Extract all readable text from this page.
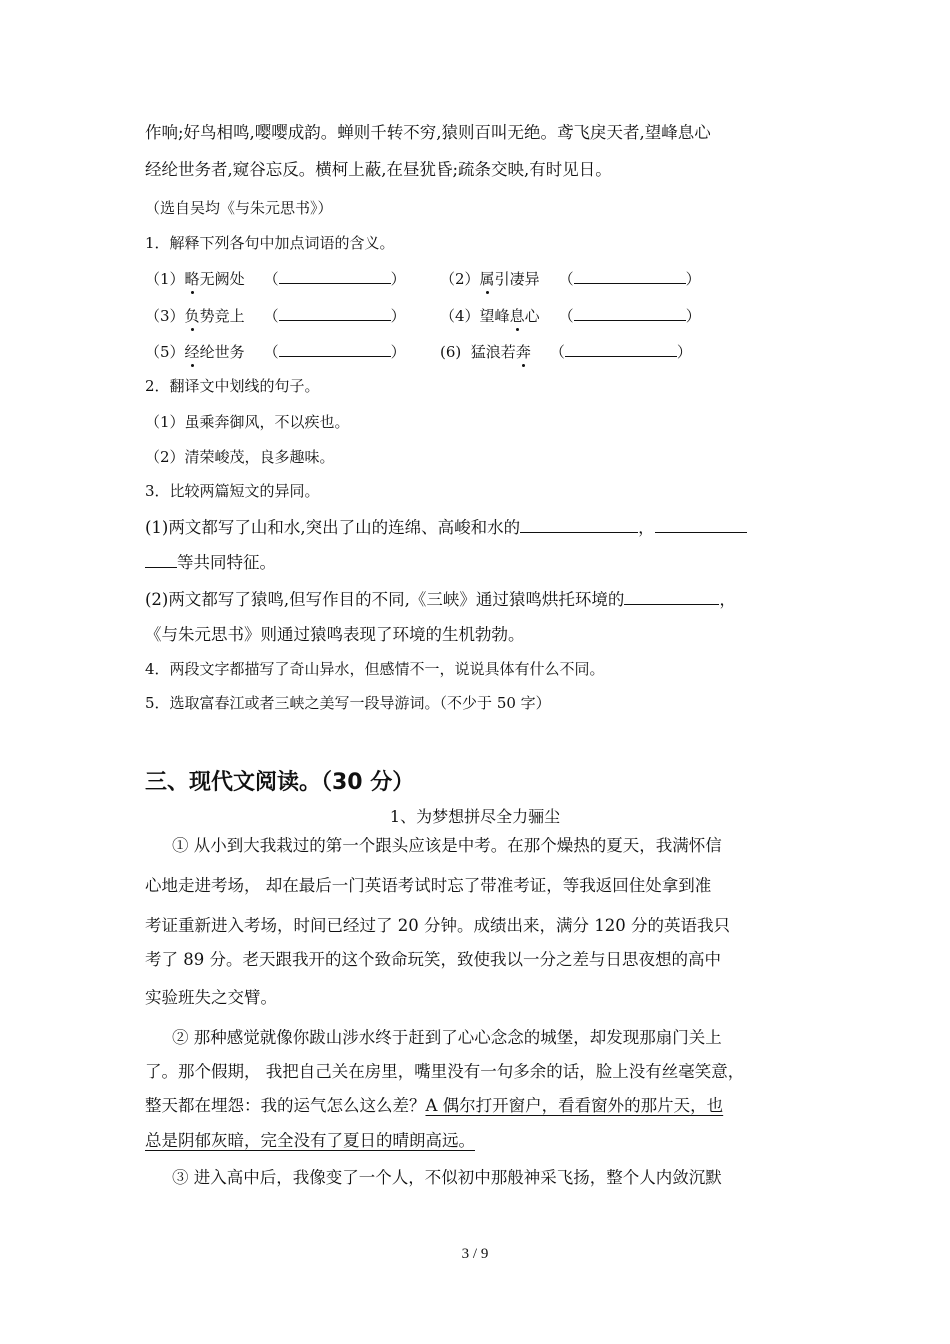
作响;好鸟相鸣,嘤嘤成韵。蝉则千转不穷,猿则百叫无绝。鸢飞戾天者,望峰息心
经纶世务者,窥谷忘反。横柯上蔽,在昼犹昏;疏条交映,有时见日。
（选自吴均《与朱元思书》）
1．解释下列各句中加点词语的含义。
（1）略无阙处 （	） （2）属引凄异 （	）
（3）负势竞上 （	） （4）望峰息心 （	）
（5）经纶世务 （	） (6) 猛浪若奔 （	）
2．翻译文中划线的句子。
（1）虽乘奔御风，不以疾也。
（2）清荣峻茂，良多趣味。
3．比较两篇短文的异同。
(1)两文都写了山和水,突出了山的连绵、高峻和水的	，
等共同特征。
(2)两文都写了猿鸣,但写作目的不同,《三峡》通过猿鸣烘托环境的	，
《与朱元思书》则通过猿鸣表现了环境的生机勃勃。
4．两段文字都描写了奇山异水，但感情不一，说说具体有什么不同。
5．选取富春江或者三峡之美写一段导游词。（不少于 50 字）
三、现代文阅读。（30 分）
1、为梦想拼尽全力骊尘
① 从小到大我栽过的第一个跟头应该是中考。在那个燥热的夏天，我满怀信
心地走进考场， 却在最后一门英语考试时忘了带准考证，等我返回住处拿到准
考证重新进入考场，时间已经过了 20 分钟。成绩出来，满分 120 分的英语我只
考了 89 分。老天跟我开的这个致命玩笑，致使我以一分之差与日思夜想的高中
实验班失之交臂。
② 那种感觉就像你跋山涉水终于赶到了心心念念的城堡，却发现那扇门关上
了。那个假期， 我把自己关在房里，嘴里没有一句多余的话，脸上没有丝毫笑意，
整天都在埋怨：我的运气怎么这么差？A 偶尔打开窗户，看看窗外的那片天，也
总是阴郁灰暗，完全没有了夏日的晴朗高远。
③ 进入高中后，我像变了一个人，不似初中那般神采飞扬，整个人内敛沉默
3 / 9
